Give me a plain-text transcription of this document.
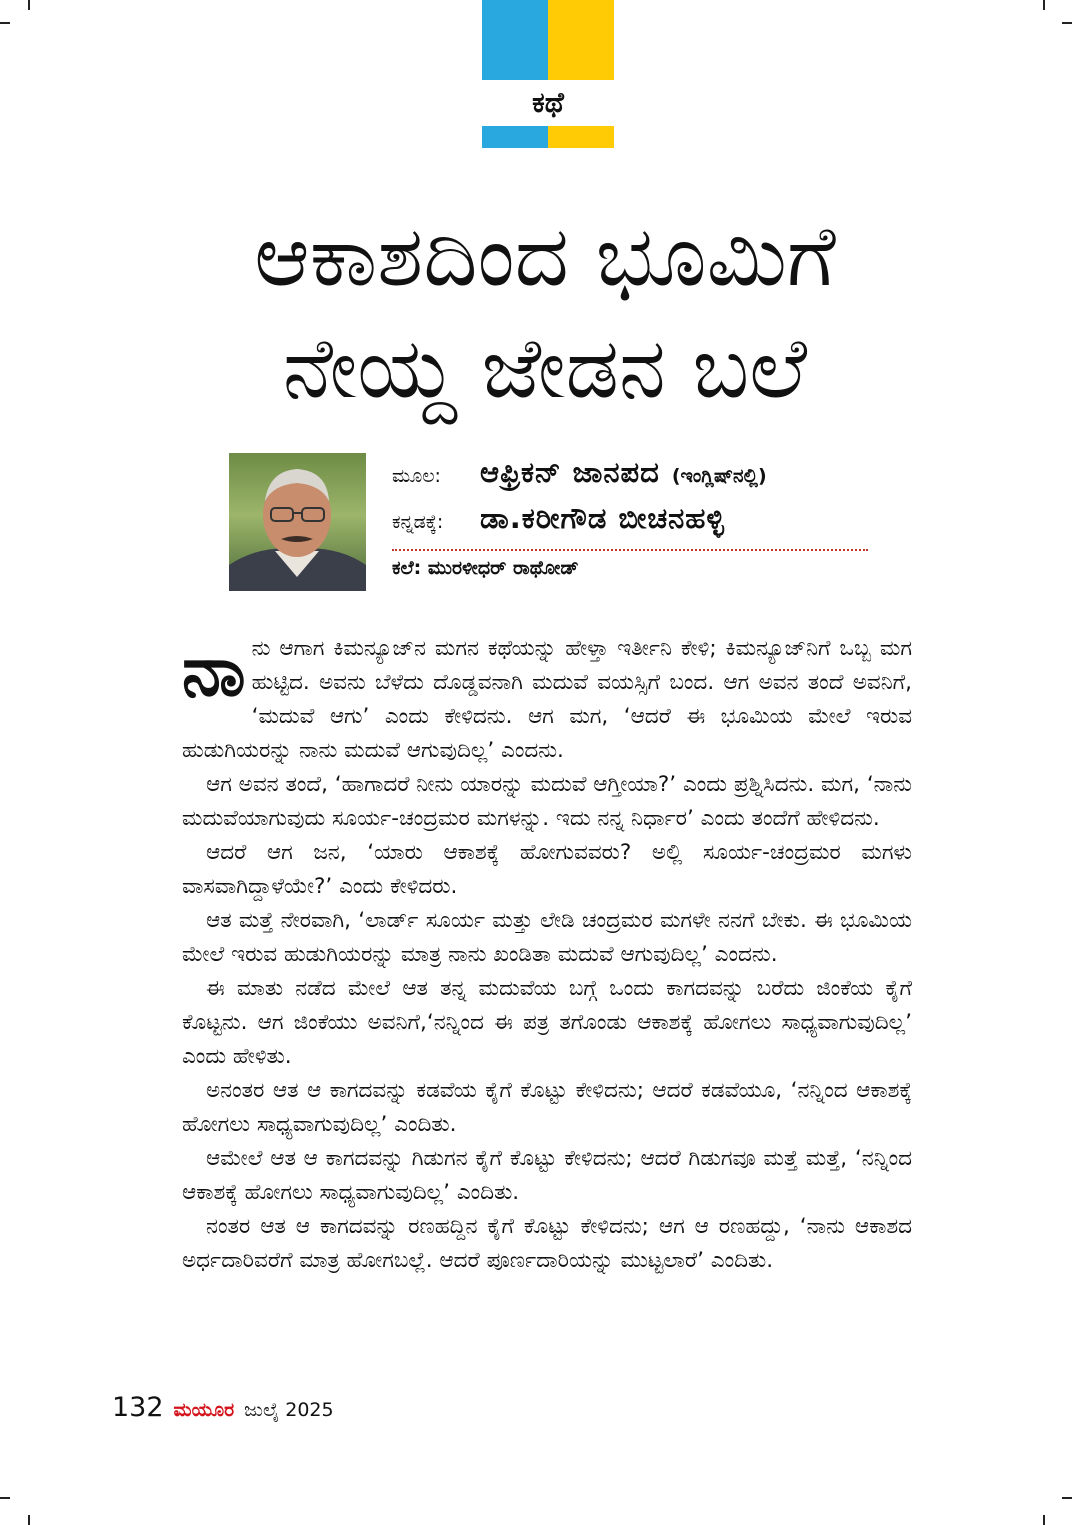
ಕಥೆ
ಆಕಾಶದಿಂದ ಭೂಮಿಗೆ
ನೇಯ್ದ ಜೇಡನ ಬಲೆ
ಮೂಲ:	ಆಫ್ರಿಕನ್ ಜಾನಪದ (ಇಂಗ್ಲಿಷ್‌ನಲ್ಲಿ)
ಕನ್ನಡಕ್ಕೆ:	ಡಾ.ಕರೀಗೌಡ ಬೀಚನಹಳ್ಳಿ
ಕಲೆ: ಮುರಳೀಧರ್ ರಾಥೋಡ್

ನಾನು ಆಗಾಗ ಕಿಮನ್ಯೂಜ್‌ನ ಮಗನ ಕಥೆಯನ್ನು ಹೇಳ್ತಾ ಇರ್ತೀನಿ ಕೇಳಿ; ಕಿಮನ್ಯೂಜ್‌ನಿಗೆ ಒಬ್ಬ ಮಗ ಹುಟ್ಟಿದ. ಅವನು ಬೆಳೆದು ದೊಡ್ಡವನಾಗಿ ಮದುವೆ ವಯಸ್ಸಿಗೆ ಬಂದ. ಆಗ ಅವನ ತಂದೆ ಅವನಿಗೆ, ‘ಮದುವೆ ಆಗು’ ಎಂದು ಕೇಳಿದನು. ಆಗ ಮಗ, ‘ಆದರೆ ಈ ಭೂಮಿಯ ಮೇಲೆ ಇರುವ ಹುಡುಗಿಯರನ್ನು ನಾನು ಮದುವೆ ಆಗುವುದಿಲ್ಲ’ ಎಂದನು.

ಆಗ ಅವನ ತಂದೆ, ‘ಹಾಗಾದರೆ ನೀನು ಯಾರನ್ನು ಮದುವೆ ಆಗ್ತೀಯಾ?’ ಎಂದು ಪ್ರಶ್ನಿಸಿದನು. ಮಗ, ‘ನಾನು ಮದುವೆಯಾಗುವುದು ಸೂರ್ಯ-ಚಂದ್ರಮರ ಮಗಳನ್ನು. ಇದು ನನ್ನ ನಿರ್ಧಾರ’ ಎಂದು ತಂದೆಗೆ ಹೇಳಿದನು.

ಆದರೆ ಆಗ ಜನ, ‘ಯಾರು ಆಕಾಶಕ್ಕೆ ಹೋಗುವವರು? ಅಲ್ಲಿ ಸೂರ್ಯ-ಚಂದ್ರಮರ ಮಗಳು ವಾಸವಾಗಿದ್ದಾಳೆಯೇ?’ ಎಂದು ಕೇಳಿದರು.

ಆತ ಮತ್ತೆ ನೇರವಾಗಿ, ‘ಲಾರ್ಡ್ ಸೂರ್ಯ ಮತ್ತು ಲೇಡಿ ಚಂದ್ರಮರ ಮಗಳೇ ನನಗೆ ಬೇಕು. ಈ ಭೂಮಿಯ ಮೇಲೆ ಇರುವ ಹುಡುಗಿಯರನ್ನು ಮಾತ್ರ ನಾನು ಖಂಡಿತಾ ಮದುವೆ ಆಗುವುದಿಲ್ಲ’ ಎಂದನು.

ಈ ಮಾತು ನಡೆದ ಮೇಲೆ ಆತ ತನ್ನ ಮದುವೆಯ ಬಗ್ಗೆ ಒಂದು ಕಾಗದವನ್ನು ಬರೆದು ಜಿಂಕೆಯ ಕೈಗೆ ಕೊಟ್ಟನು. ಆಗ ಜಿಂಕೆಯು ಅವನಿಗೆ,‘ನನ್ನಿಂದ ಈ ಪತ್ರ ತಗೊಂಡು ಆಕಾಶಕ್ಕೆ ಹೋಗಲು ಸಾಧ್ಯವಾಗುವುದಿಲ್ಲ’ ಎಂದು ಹೇಳಿತು.

ಅನಂತರ ಆತ ಆ ಕಾಗದವನ್ನು ಕಡವೆಯ ಕೈಗೆ ಕೊಟ್ಟು ಕೇಳಿದನು; ಆದರೆ ಕಡವೆಯೂ, ‘ನನ್ನಿಂದ ಆಕಾಶಕ್ಕೆ ಹೋಗಲು ಸಾಧ್ಯವಾಗುವುದಿಲ್ಲ’ ಎಂದಿತು.

ಆಮೇಲೆ ಆತ ಆ ಕಾಗದವನ್ನು ಗಿಡುಗನ ಕೈಗೆ ಕೊಟ್ಟು ಕೇಳಿದನು; ಆದರೆ ಗಿಡುಗವೂ ಮತ್ತೆ ಮತ್ತೆ, ‘ನನ್ನಿಂದ ಆಕಾಶಕ್ಕೆ ಹೋಗಲು ಸಾಧ್ಯವಾಗುವುದಿಲ್ಲ’ ಎಂದಿತು.

ನಂತರ ಆತ ಆ ಕಾಗದವನ್ನು ರಣಹದ್ದಿನ ಕೈಗೆ ಕೊಟ್ಟು ಕೇಳಿದನು; ಆಗ ಆ ರಣಹದ್ದು, ‘ನಾನು ಆಕಾಶದ ಅರ್ಧದಾರಿವರೆಗೆ ಮಾತ್ರ ಹೋಗಬಲ್ಲೆ. ಆದರೆ ಪೂರ್ಣದಾರಿಯನ್ನು ಮುಟ್ಟಲಾರೆ’ ಎಂದಿತು.

132 ಮಯೂರ ಜುಲೈ 2025
